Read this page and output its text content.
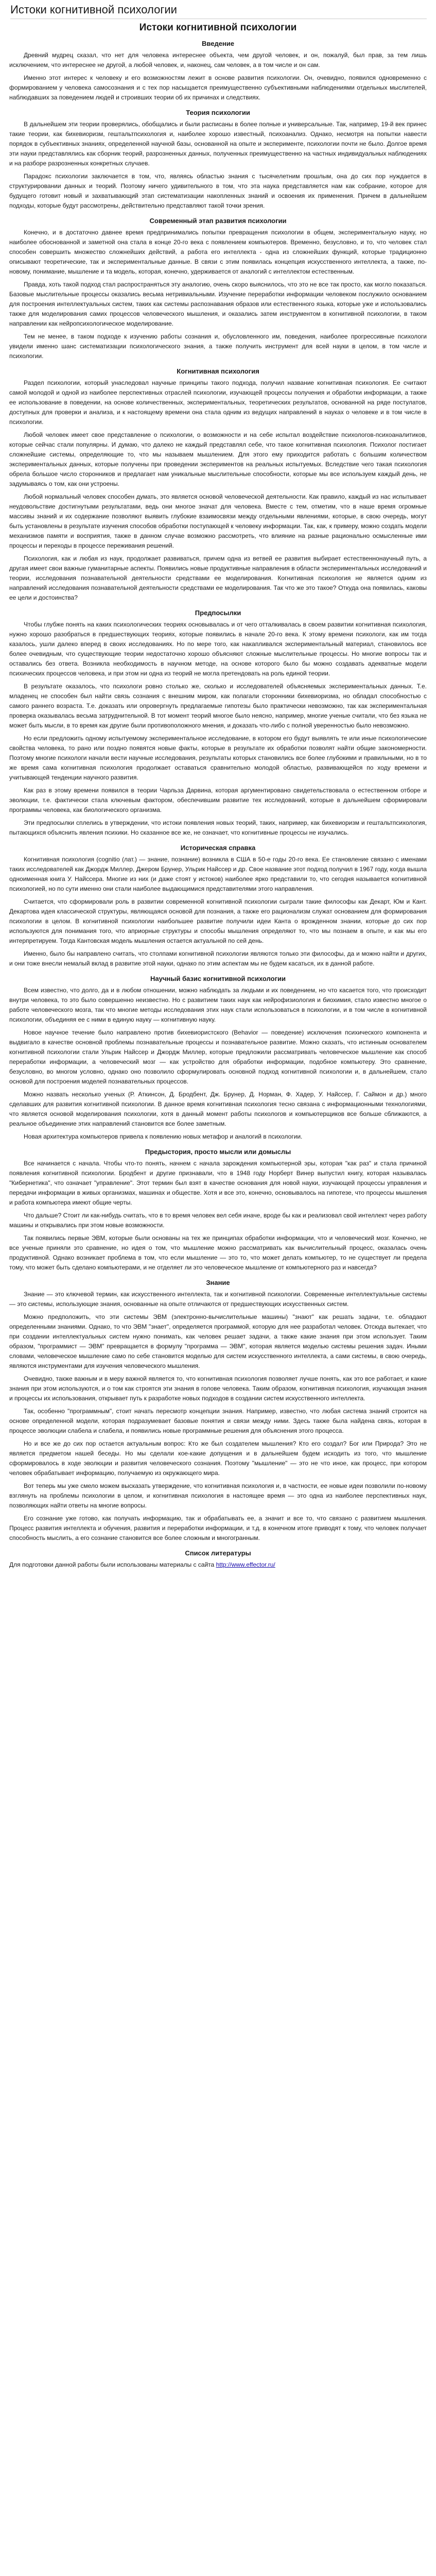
Истоки когнитивной психологии
Истоки когнитивной психологии
Введение

Древний мудрец сказал, что нет для человека интереснее объекта, чем другой человек, и он, пожалуй, был прав, за тем лишь исключением, что интереснее не другой, а любой человек, и, наконец, сам человек, а в том числе и он сам.

Именно этот интерес к человеку и его возможностям лежит в основе развития психологии. Он, очевидно, появился одновременно с формированием у человека самосознания и с тех пор насыщается преимущественно субъективными наблюдениями отдельных мыслителей, наблюдавших за поведением людей и строивших теории об их причинах и следствиях.

Теория психологии

В дальнейшем эти теории проверялись, обобщались и были расписаны в более полные и универсальные. Так, например, 19-й век принес такие теории, как бихевиоризм, гештальтпсихология и, наиболее хорошо известный, психоанализ. Однако, несмотря на попытки навести порядок в субъективных знаниях, определенной научной базы, основанной на опыте и эксперименте, психологии почти не было. Долгое время эти науки представлялись как сборник теорий, разрозненных данных, полученных преимущественно на частных индивидуальных наблюдениях и на разборе разрозненных конкретных случаев.

Парадокс психологии заключается в том, что, являясь областью знания с тысячелетним прошлым, она до сих пор нуждается в структурировании данных и теорий. Поэтому ничего удивительного в том, что эта наука представляется нам как собрание, которое для будущего готовит новый и захватывающий этап систематизации накопленных знаний и освоения их применения. Причем в дальнейшем подходы, которые будут рассмотрены, действительно представляют такой точки зрения.

Современный этап развития психологии

Конечно, и в достаточно давнее время предпринимались попытки превращения психологии в общем, экспериментальную науку, но наиболее обоснованной и заметной она стала в конце 20-го века с появлением компьютеров. Временно, безусловно, и то, что человек стал способен совершить множество сложнейших действий, а работа его интеллекта - одна из сложнейших функций, которые традиционно описывают теоретические, так и экспериментальные данные. В связи с этим появилась концепция искусственного интеллекта, а также, по-новому, понимание, мышление и та модель, которая, конечно, удерживается от аналогий с интеллектом естественным.

Правда, хоть такой подход стал распространяться эту аналогию, очень скоро выяснилось, что это не все так просто, как могло показаться. Базовые мыслительные процессы оказались весьма нетривиальными. Изучение переработки информации человеком послужило основанием для построения интеллектуальных систем, таких как системы распознавания образов или естественного языка, которые уже и использовались также для моделирования самих процессов человеческого мышления, и оказались затем инструментом в когнитивной психологии, в таком направлении как нейропсихологическое моделирование.

Тем не менее, в таком подходе к изучению работы сознания и, обусловленного им, поведения, наиболее прогрессивные психологи увидели именно шанс систематизации психологического знания, а также получить инструмент для всей науки в целом, в том числе и психологии.

Когнитивная психология

Раздел психологии, который унаследовал научные принципы такого подхода, получил название когнитивная психология. Ее считают самой молодой и одной из наиболее перспективных отраслей психологии, изучающей процессы получения и обработки информации, а также ее использование в поведении, на основе количественных, экспериментальных, теоретических результатов, основанной на ряде постулатов, доступных для проверки и анализа, и к настоящему времени она стала одним из ведущих направлений в науках о человеке и в том числе в психологии.

Любой человек имеет свое представление о психологии, о возможности и на себе испытал воздействие психологов-психоаналитиков, которые сейчас стали популярны. И думаю, что далеко не каждый представлял себе, что такое когнитивная психология. Психолог постигает сложнейшие системы, определяющие то, что мы называем мышлением. Для этого ему приходится работать с большим количеством экспериментальных данных, которые получены при проведении экспериментов на реальных испытуемых. Вследствие чего такая психология обрела большое число сторонников и предлагает нам уникальные мыслительные способности, которые мы все используем каждый день, не задумываясь о том, как они устроены.

Любой нормальный человек способен думать, это является основой человеческой деятельности. Как правило, каждый из нас испытывает неудовольствие достигнутыми результатами, ведь они многое значат для человека. Вместе с тем, отметим, что в наше время огромные массивы знаний и их содержание позволяют выявить глубокие взаимосвязи между отдельными явлениями, которые, в свою очередь, могут быть установлены в результате изучения способов обработки поступающей к человеку информации. Так, как, к примеру, можно создать модели механизмов памяти и восприятия, также в данном случае возможно рассмотреть, что влияние на разные рационально осмысленные ими процессы и переходы в процессе переживания решений.

Психология, как и любая из наук, продолжает развиваться, причем одна из ветвей ее развития выбирает естественнонаучный путь, а другая имеет свои важные гуманитарные аспекты. Появились новые продуктивные направления в области экспериментальных исследований и теории, исследования познавательной деятельности средствами ее моделирования. Когнитивная психология не является одним из направлений исследования познавательной деятельности средствами ее моделирования. Так что же это такое? Откуда она появилась, каковы ее цели и достоинства?

Предпосылки

Чтобы глубже понять на каких психологических теориях основывалась и от чего отталкивалась в своем развитии когнитивная психология, нужно хорошо разобраться в предшествующих теориях, которые появились в начале 20-го века. К этому времени психологи, как им тогда казалось, ушли далеко вперед в своих исследованиях. Но по мере того, как накапливался экспериментальный материал, становилось все более очевидным, что существующие теории недостаточно хорошо объясняют сложные мыслительные процессы. Но многие вопросы так и оставались без ответа. Возникла необходимость в научном методе, на основе которого было бы можно создавать адекватные модели психических процессов человека, и при этом ни одна из теорий не могла претендовать на роль единой теории.

В результате оказалось, что психологи ровно столько же, сколько и исследователей объясняемых экспериментальных данных. Т.е. младенец не способен был найти связь сознания с внешним миром, как полагали сторонники бихевиоризма, но обладал способностью с самого раннего возраста. Т.е. доказать или опровергнуть предлагаемые гипотезы было практически невозможно, так как экспериментальная проверка оказывалась весьма затруднительной. В тот момент теорий многое было неясно, например, многие ученые считали, что без языка не может быть мысли, в то время как другие были противоположного мнения, и доказать что-либо с полной уверенностью было невозможно.

Но если предложить одному испытуемому экспериментальное исследование, в котором его будут выявлять те или иные психологические свойства человека, то рано или поздно появятся новые факты, которые в результате их обработки позволят найти общие закономерности. Поэтому многие психологи начали вести научные исследования, результаты которых становились все более глубокими и правильными, но в то же время сама когнитивная психология продолжает оставаться сравнительно молодой областью, развивающейся по ходу времени и учитывающей тенденции научного развития.

Как раз в этому времени появился в теории Чарльза Дарвина, которая аргументировано свидетельствовала о естественном отборе и эволюции, т.е. фактически стала ключевым фактором, обеспечившим развитие тех исследований, которые в дальнейшем сформировали программы человека, как биологического организма.

Эти предпосылки сплелись в утверждении, что истоки появления новых теорий, таких, например, как бихевиоризм и гештальтпсихология, пытающихся объяснить явления психики. Но сказанное все же, не означает, что когнитивные процессы не изучались.

Историческая справка

Когнитивная психология (cognitio (лат.) — знание, познание) возникла в США в 50-е годы 20-го века. Ее становление связано с именами таких исследователей как Джордж Миллер, Джером Брунер, Ульрик Найссер и др. Свое название этот подход получил в 1967 году, когда вышла одноименная книга У. Найссера. Многие из них (и даже стоят у истоков) наиболее ярко представили то, что сегодня называется когнитивной психологией, но по сути именно они стали наиболее выдающимися представителями этого направления.

Считается, что сформировали роль в развитии современной когнитивной психологии сыграли такие философы как Декарт, Юм и Кант. Декартова идея классической структуры, являющаяся основой для познания, а также его рационализм служат основанием для формирования психологии в целом. В когнитивной психологии наибольшее развитие получили идеи Канта о врожденном знании, которые до сих пор используются для понимания того, что априорные структуры и способы мышления определяют то, что мы познаем в опыте, и как мы его интерпретируем. Тогда Кантовская модель мышления остается актуальной по сей день.

Именно, было бы направлено считать, что столпами когнитивной психологии являются только эти философы, да и можно найти и других, и они тоже внесли немалый вклад в развитие этой науки, однако по этим аспектам мы не будем касаться, их в данной работе.

Научный базис когнитивной психологии

Всем известно, что долго, да и в любом отношении, можно наблюдать за людьми и их поведением, но что касается того, что происходит внутри человека, то это было совершенно неизвестно. Но с развитием таких наук как нейрофизиология и биохимия, стало известно многое о работе человеческого мозга, так что многие методы исследования этих наук стали использоваться в психологии, и в том числе в когнитивной психологии, объединяя ее с ними в единую науку — когнитивную науку.

Новое научное течение было направлено против бихевиористского (Behavior — поведение) исключения психического компонента и выдвигало в качестве основной проблемы познавательные процессы и познавательное развитие. Можно сказать, что истинным основателем когнитивной психологии стали Ульрик Найссер и Джордж Миллер, которые предложили рассматривать человеческое мышление как способ переработки информации, а человеческий мозг — как устройство для обработки информации, подобное компьютеру. Это сравнение, безусловно, во многом условно, однако оно позволило сформулировать основной подход когнитивной психологии и, в дальнейшем, стало основой для построения моделей познавательных процессов.

Можно назвать несколько ученых (Р. Аткинсон, Д. Бродбент, Дж. Брунер, Д. Норман, Ф. Хадер, У. Найссер, Г. Саймон и др.) много сделавших для развития когнитивной психологии. В данное время когнитивная психология тесно связана с информационными технологиями, что является основой моделирования психологии, хотя в данный момент работы психологов и компьютерщиков все больше сближаются, а реальное объединение этих направлений становится все более заметным.

Новая архитектура компьютеров привела к появлению новых метафор и аналогий в психологии.

Предыстория, просто мысли или домыслы

Все начинается с начала. Чтобы что-то понять, начнем с начала зарождения компьютерной эры, которая "как раз" и стала причиной появления когнитивной психологии. Бродбент и другие признавали, что в 1948 году Норберт Винер выпустил книгу, которая называлась "Кибернетика", что означает "управление". Этот термин был взят в качестве основания для новой науки, изучающей процессы управления и передачи информации в живых организмах, машинах и обществе. Хотя и все это, конечно, основывалось на гипотезе, что процессы мышления и работа компьютера имеют общие черты.

Что дальше? Стоит ли как-нибудь считать, что в то время человек вел себя иначе, вроде бы как и реализовал свой интеллект через работу машины и открывались при этом новые возможности.

Так появились первые ЭВМ, которые были основаны на тех же принципах обработки информации, что и человеческий мозг. Конечно, не все ученые приняли это сравнение, но идея о том, что мышление можно рассматривать как вычислительный процесс, оказалась очень продуктивной. Однако возникает проблема в том, что если мышление — это то, что может делать компьютер, то не существует ли предела тому, что может быть сделано компьютерами, и не отделяет ли это человеческое мышление от компьютерного раз и навсегда?

Знание

Знание — это ключевой термин, как искусственного интеллекта, так и когнитивной психологии. Современные интеллектуальные системы — это системы, использующие знания, основанные на опыте отличаются от предшествующих искусственных систем.

Можно предположить, что эти системы ЭВМ (электронно-вычислительные машины) "знают" как решать задачи, т.е. обладают определенными знаниями. Однако, то что ЭВМ "знает", определяется программой, которую для нее разработал человек. Отсюда вытекает, что при создании интеллектуальных систем нужно понимать, как человек решает задачи, а также какие знания при этом использует. Таким образом, "программист — ЭВМ" превращается в формулу "программа — ЭВМ", которая является моделью системы решения задач. Иными словами, человеческое мышление само по себе становится моделью для систем искусственного интеллекта, а сами системы, в свою очередь, являются инструментами для изучения человеческого мышления.

Очевидно, также важным и в меру важной является то, что когнитивная психология позволяет лучше понять, как это все работает, и какие знания при этом используются, и о том как строятся эти знания в голове человека. Таким образом, когнитивная психология, изучающая знания и процессы их использования, открывает путь к разработке новых подходов в создании систем искусственного интеллекта.

Так, особенно "программным", стоит начать пересмотр концепции знания. Например, известно, что любая система знаний строится на основе определенной модели, которая подразумевает базовые понятия и связи между ними. Здесь также была найдена связь, которая в процессе эволюции слабела и слабела, и появились новые программные решения для объяснения этого процесса.

Но и все же до сих пор остается актуальным вопрос: Кто же был создателем мышления? Кто его создал? Бог или Природа? Это не является предметом нашей беседы. Но мы сделали кое-какие допущения и в дальнейшем будем исходить из того, что мышление сформировалось в ходе эволюции и развития человеческого сознания. Поэтому "мышление" — это не что иное, как процесс, при котором человек обрабатывает информацию, получаемую из окружающего мира.

Вот теперь мы уже смело можем высказать утверждение, что когнитивная психология и, в частности, ее новые идеи позволили по-новому взглянуть на проблемы психологии в целом, и когнитивная психология в настоящее время — это одна из наиболее перспективных наук, позволяющих найти ответы на многие вопросы.

Его сознание уже готово, как получать информацию, так и обрабатывать ее, а значит и все то, что связано с развитием мышления. Процесс развития интеллекта и обучения, развития и переработки информации, и т.д. в конечном итоге приводят к тому, что человек получает способность мыслить, а его сознание становится все более сложным и многогранным.

Список литературы
Для подготовки данной работы были использованы материалы с сайта http://www.effector.ru/
